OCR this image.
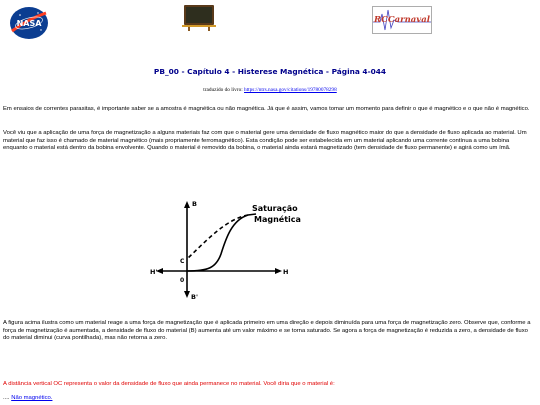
NASA	RCCarnaval
PB_00 - Capítulo 4 - Histerese Magnética - Página 4-044
traduzido do livro: https://ntrs.nasa.gov/citations/19780078298

Em ensaios de correntes parasitas, é importante saber se a amostra é magnética ou não magnética. Já que é assim, vamos tomar um momento para definir o que é magnético e o que não é magnético.

Você viu que a aplicação de uma força de magnetização a alguns materiais faz com que o material gere uma densidade de fluxo magnético maior do que a densidade de fluxo aplicada ao material. Um material que faz isso é chamado de material magnético (mais propriamente ferromagnético). Esta condição pode ser estabelecida em um material aplicando uma corrente contínua a uma bobina enquanto o material está dentro da bobina envolvente. Quando o material é removido da bobina, o material ainda estará magnetizado (tem densidade de fluxo permanente) e agirá como um ímã.

B
B'
H
H'
C
0
Saturação
Magnética

A figura acima ilustra como um material reage a uma força de magnetização que é aplicada primeiro em uma direção e depois diminuída para uma força de magnetização zero. Observe que, conforme a força de magnetização é aumentada, a densidade de fluxo do material (B) aumenta até um valor máximo e se torna saturado. Se agora a força de magnetização é reduzida a zero, a densidade de fluxo do material diminui (curva pontilhada), mas não retorna a zero.

A distância vertical OC representa o valor da densidade de fluxo que ainda permanece no material. Você diria que o material é:

.... Não magnético.
